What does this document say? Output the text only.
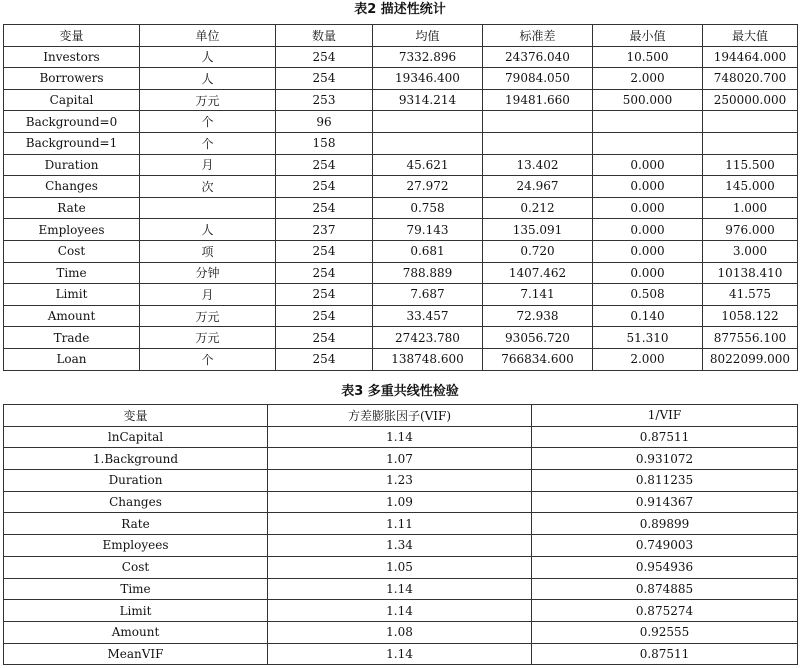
表2 描述性统计
变量	单位	数量	均值	标准差	最小值	最大值
Investors	人	254	7332.896	24376.040	10.500	194464.000
Borrowers	人	254	19346.400	79084.050	2.000	748020.700
Capital	万元	253	9314.214	19481.660	500.000	250000.000
Background=0	个	96				
Background=1	个	158				
Duration	月	254	45.621	13.402	0.000	115.500
Changes	次	254	27.972	24.967	0.000	145.000
Rate		254	0.758	0.212	0.000	1.000
Employees	人	237	79.143	135.091	0.000	976.000
Cost	项	254	0.681	0.720	0.000	3.000
Time	分钟	254	788.889	1407.462	0.000	10138.410
Limit	月	254	7.687	7.141	0.508	41.575
Amount	万元	254	33.457	72.938	0.140	1058.122
Trade	万元	254	27423.780	93056.720	51.310	877556.100
Loan	个	254	138748.600	766834.600	2.000	8022099.000
表3 多重共线性检验
变量	方差膨胀因子(VIF)	1/VIF
lnCapital	1.14	0.87511
1.Background	1.07	0.931072
Duration	1.23	0.811235
Changes	1.09	0.914367
Rate	1.11	0.89899
Employees	1.34	0.749003
Cost	1.05	0.954936
Time	1.14	0.874885
Limit	1.14	0.875274
Amount	1.08	0.92555
MeanVIF	1.14	0.87511
